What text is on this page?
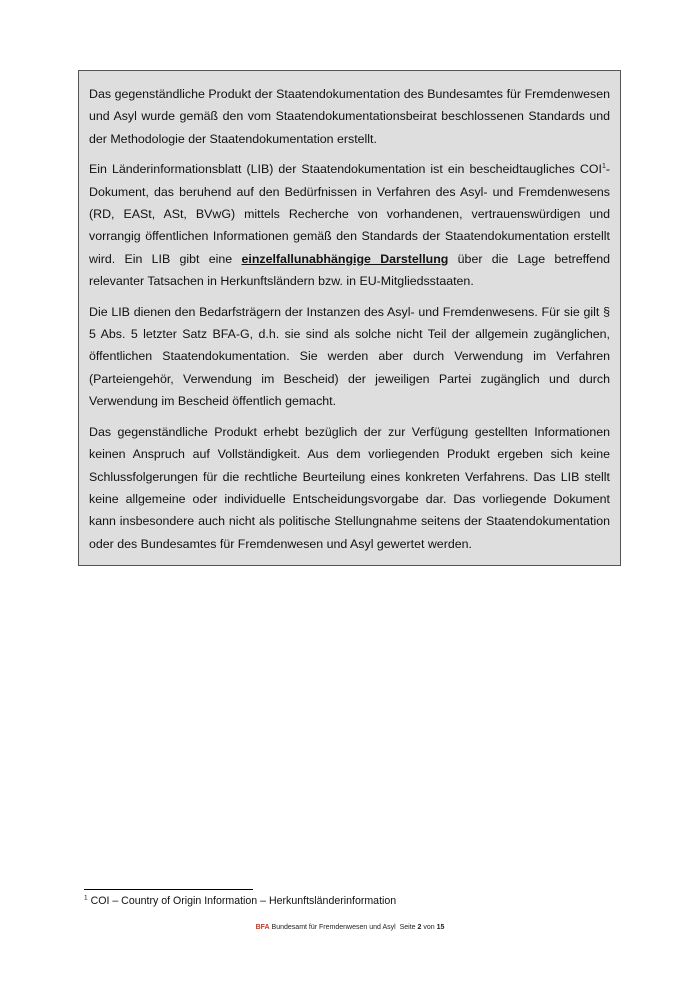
Das gegenständliche Produkt der Staatendokumentation des Bundesamtes für Fremdenwesen und Asyl wurde gemäß den vom Staatendokumentationsbeirat beschlossenen Standards und der Methodologie der Staatendokumentation erstellt.

Ein Länderinformationsblatt (LIB) der Staatendokumentation ist ein bescheidtaugliches COI$^1$-Dokument, das beruhend auf den Bedürfnissen in Verfahren des Asyl- und Fremdenwesens (RD, EASt, ASt, BVwG) mittels Recherche von vorhandenen, vertrauenswürdigen und vorrangig öffentlichen Informationen gemäß den Standards der Staatendokumentation erstellt wird. Ein LIB gibt eine einzelfallunabhängige Darstellung über die Lage betreffend relevanter Tatsachen in Herkunftsländern bzw. in EU-Mitgliedsstaaten.

Die LIB dienen den Bedarfsträgern der Instanzen des Asyl- und Fremdenwesens. Für sie gilt § 5 Abs. 5 letzter Satz BFA-G, d.h. sie sind als solche nicht Teil der allgemein zugänglichen, öffentlichen Staatendokumentation. Sie werden aber durch Verwendung im Verfahren (Parteiengehör, Verwendung im Bescheid) der jeweiligen Partei zugänglich und durch Verwendung im Bescheid öffentlich gemacht.

Das gegenständliche Produkt erhebt bezüglich der zur Verfügung gestellten Informationen keinen Anspruch auf Vollständigkeit. Aus dem vorliegenden Produkt ergeben sich keine Schlussfolgerungen für die rechtliche Beurteilung eines konkreten Verfahrens. Das LIB stellt keine allgemeine oder individuelle Entscheidungsvorgabe dar. Das vorliegende Dokument kann insbesondere auch nicht als politische Stellungnahme seitens der Staatendokumentation oder des Bundesamtes für Fremdenwesen und Asyl gewertet werden.

$^1$ COI – Country of Origin Information – Herkunftsländerinformation
BFA Bundesamt für Fremdenwesen und Asyl  Seite 2 von 15
